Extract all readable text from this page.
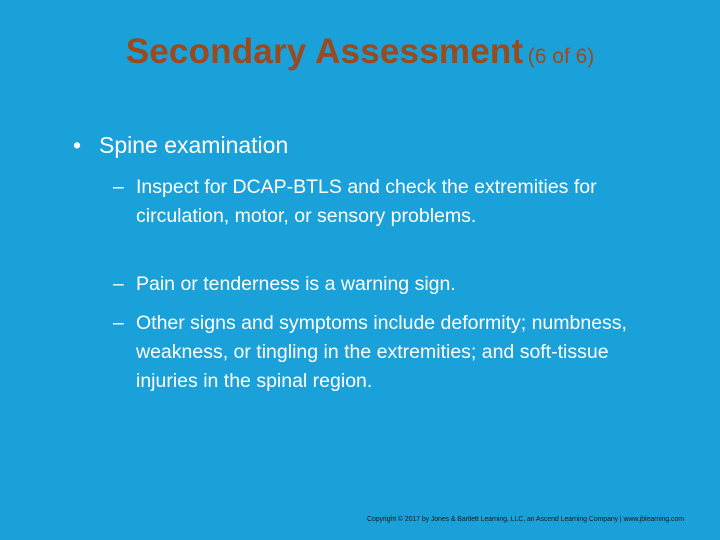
Secondary Assessment (6 of 6)
• Spine examination
– Inspect for DCAP-BTLS and check the extremities for circulation, motor, or sensory problems.
– Pain or tenderness is a warning sign.
– Other signs and symptoms include deformity; numbness, weakness, or tingling in the extremities; and soft-tissue injuries in the spinal region.
Copyright © 2017 by Jones & Bartlett Learning, LLC, an Ascend Learning Company | www.jblearning.com
